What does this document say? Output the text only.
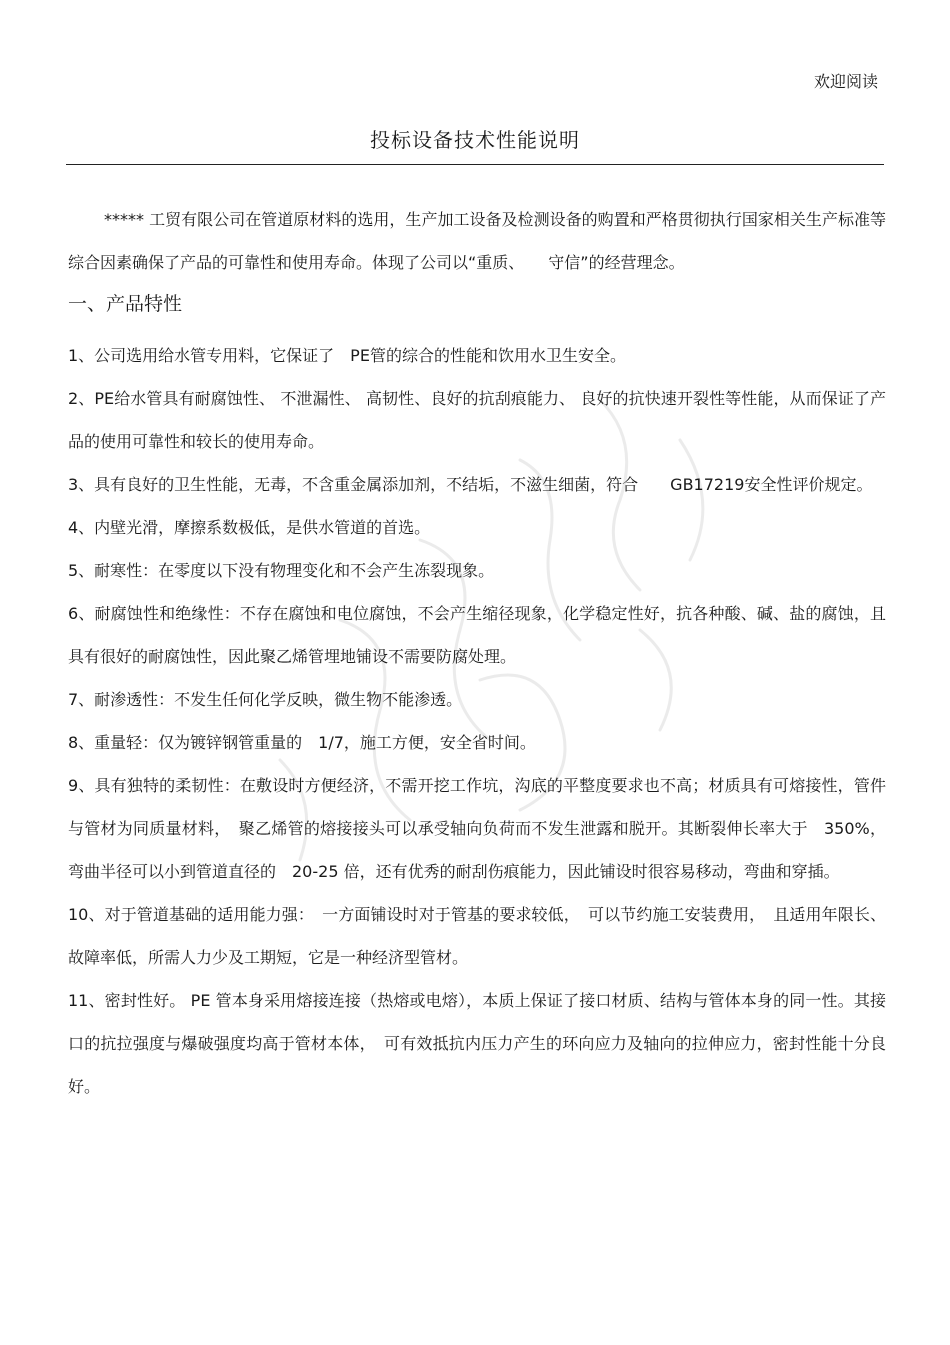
欢迎阅读
投标设备技术性能说明

***** 工贸有限公司在管道原材料的选用，生产加工设备及检测设备的购置和严格贯彻执行国家相关生产标准等综合因素确保了产品的可靠性和使用寿命。体现了公司以“重质、　　守信”的经营理念。

一、产品特性

1、公司选用给水管专用料，它保证了　PE管的综合的性能和饮用水卫生安全。

2、PE给水管具有耐腐蚀性、 不泄漏性、 高韧性、良好的抗刮痕能力、 良好的抗快速开裂性等性能，从而保证了产品的使用可靠性和较长的使用寿命。

3、具有良好的卫生性能，无毒，不含重金属添加剂，不结垢，不滋生细菌，符合　　GB17219安全性评价规定。

4、内壁光滑，摩擦系数极低，是供水管道的首选。

5、耐寒性：在零度以下没有物理变化和不会产生冻裂现象。

6、耐腐蚀性和绝缘性：不存在腐蚀和电位腐蚀，不会产生缩径现象，化学稳定性好，抗各种酸、碱、盐的腐蚀，且具有很好的耐腐蚀性，因此聚乙烯管埋地铺设不需要防腐处理。

7、耐渗透性：不发生任何化学反映，微生物不能渗透。

8、重量轻：仅为镀锌钢管重量的　1/7，施工方便，安全省时间。

9、具有独特的柔韧性：在敷设时方便经济，不需开挖工作坑，沟底的平整度要求也不高；材质具有可熔接性，管件与管材为同质量材料，　聚乙烯管的熔接接头可以承受轴向负荷而不发生泄露和脱开。其断裂伸长率大于　350%，弯曲半径可以小到管道直径的　20-25 倍，还有优秀的耐刮伤痕能力，因此铺设时很容易移动，弯曲和穿插。

10、对于管道基础的适用能力强：　一方面铺设时对于管基的要求较低，　可以节约施工安装费用，　且适用年限长、故障率低，所需人力少及工期短，它是一种经济型管材。

11、密封性好。 PE 管本身采用熔接连接（热熔或电熔），本质上保证了接口材质、结构与管体本身的同一性。其接口的抗拉强度与爆破强度均高于管材本体，　可有效抵抗内压力产生的环向应力及轴向的拉伸应力，密封性能十分良好。
